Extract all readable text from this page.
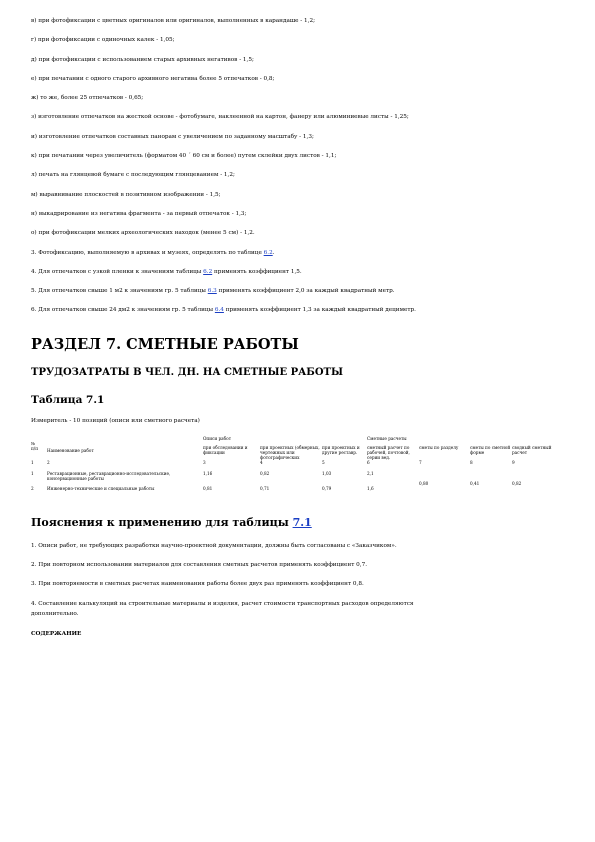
в) при фотофиксации с цветных оригиналов или оригиналов, выполненных в карандаше - 1,2;

г) при фотофиксации с одиночных калек - 1,05;

д) при фотофиксации с использованием старых архивных негативов - 1,5;

е) при печатании с одного старого архивного негатива более 5 отпечатков - 0,8;

ж) то же, более 25 отпечатков - 0,65;

з) изготовление отпечатков на жесткой основе - фотобумаге, наклеенной на картон, фанеру или алюминиевые листы - 1,25;

и) изготовление отпечатков составных панорам с увеличением по заданному масштабу - 1,3;

к) при печатании через увеличитель (форматом 40 ´ 60 см и более) путем склейки двух листов - 1,1;

л) печать на глянцевой бумаге с последующим глянцеванием - 1,2;

м) выравнивание плоскостей в позитивном изображении - 1,5;

н) выкадрирование из негатива фрагмента - за первый отпечаток - 1,3;

о) при фотофиксации мелких археологических находок (менее 5 см) - 1,2.

3. Фотофиксацию, выполняемую в архивах и музеях, определять по таблице 6.2.

4. Для отпечатков с узкой пленки к значениям таблицы 6.2 применять коэффициент 1,5.

5. Для отпечатков свыше 1 м2 к значениям гр. 5 таблицы 6.3 применять коэффициент 2,0 за каждый квадратный метр.

6. Для отпечатков свыше 24 дм2 к значениям гр. 5 таблицы 6.4 применять коэффициент 1,3 за каждый квадратный дециметр.

РАЗДЕЛ 7. СМЕТНЫЕ РАБОТЫ
ТРУДОЗАТРАТЫ В ЧЕЛ. ДН. НА СМЕТНЫЕ РАБОТЫ
Таблица 7.1
Измеритель - 10 позиций (описи или сметного расчета)
		Описи работ			Сметные расчеты			
№
п/п	Наименование работ	при обследовании и фиксации	при проектных (обмерных, чертежных или фотографических	при проектных и другие реставр.	сметный расчет по рабочей, почтовой, серии вед.	сметы по разделу	сметы по сметной форме	сводный сметный расчет
1	2	3	4	5	6	7	8	9
1	Реставрационные, реставрационно-исследовательские, консервационные работы	1,16	0,82	1,03	2,1	0,80	0,41	0,82
2	Инженерно-технические и специальные работы	0,81	0,71	0,79	1,6			
Пояснения к применению для таблицы 7.1
1. Описи работ, не требующих разработки научно-проектной документации, должны быть согласованы с «Заказчиком».
2. При повторном использовании материалов для составления сметных расчетов применять коэффициент 0,7.
3. При повторяемости в сметных расчетах наименования работы более двух раз применять коэффициент 0,8.
4. Составление калькуляций на строительные материалы и изделия, расчет стоимости транспортных расходов определяются
дополнительно.
СОДЕРЖАНИЕ
